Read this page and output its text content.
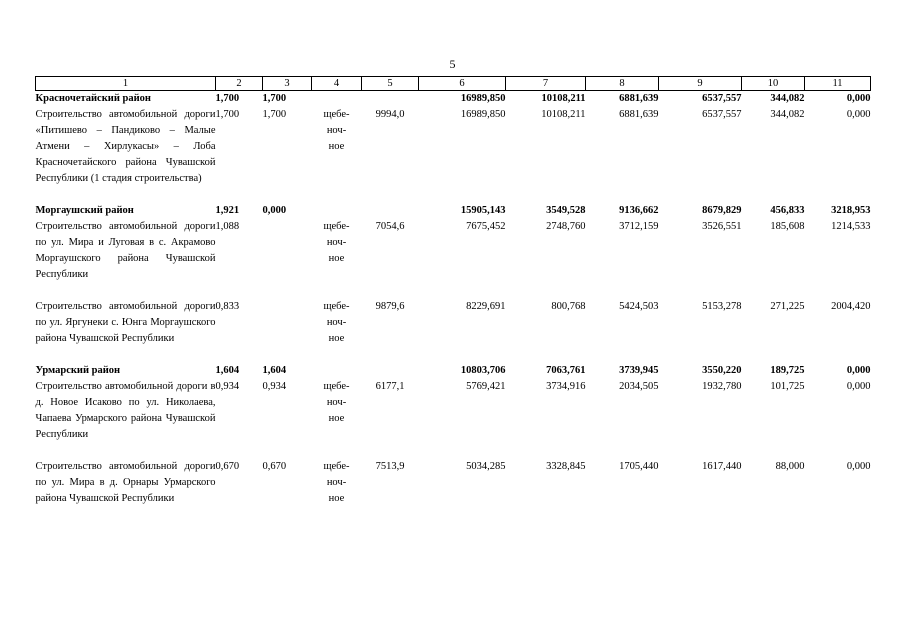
5
1	2	3	4	5	6	7	8	9	10	11
Красночетайский район	1,700	1,700			16989,850	10108,211	6881,639	6537,557	344,082	0,000
Строительство автомобильной дороги «Питишево – Пандиково – Малые Атмени – Хирлукасы» – Лоба Красночетайского района Чувашской Республики (1 стадия строительства)	1,700	1,700	щебе-
ноч-
ное	9994,0	16989,850	10108,211	6881,639	6537,557	344,082	0,000
Моргаушский район	1,921	0,000			15905,143	3549,528	9136,662	8679,829	456,833	3218,953
Строительство автомобильной дороги по ул. Мира и Луговая в с. Акрамово Моргаушского района Чувашской Республики	1,088		щебе-
ноч-
ное	7054,6	7675,452	2748,760	3712,159	3526,551	185,608	1214,533
Строительство автомобильной дороги по ул. Яргунеки с. Юнга Моргаушского района Чувашской Республики	0,833		щебе-
ноч-
ное	9879,6	8229,691	800,768	5424,503	5153,278	271,225	2004,420
Урмарский район	1,604	1,604			10803,706	7063,761	3739,945	3550,220	189,725	0,000
Строительство автомобильной дороги в д. Новое Исаково по ул. Николаева, Чапаева Урмарского района Чувашской Республики	0,934	0,934	щебе-
ноч-
ное	6177,1	5769,421	3734,916	2034,505	1932,780	101,725	0,000
Строительство автомобильной дороги по ул. Мира в д. Орнары Урмарского района Чувашской Республики	0,670	0,670	щебе-
ноч-
ное	7513,9	5034,285	3328,845	1705,440	1617,440	88,000	0,000
